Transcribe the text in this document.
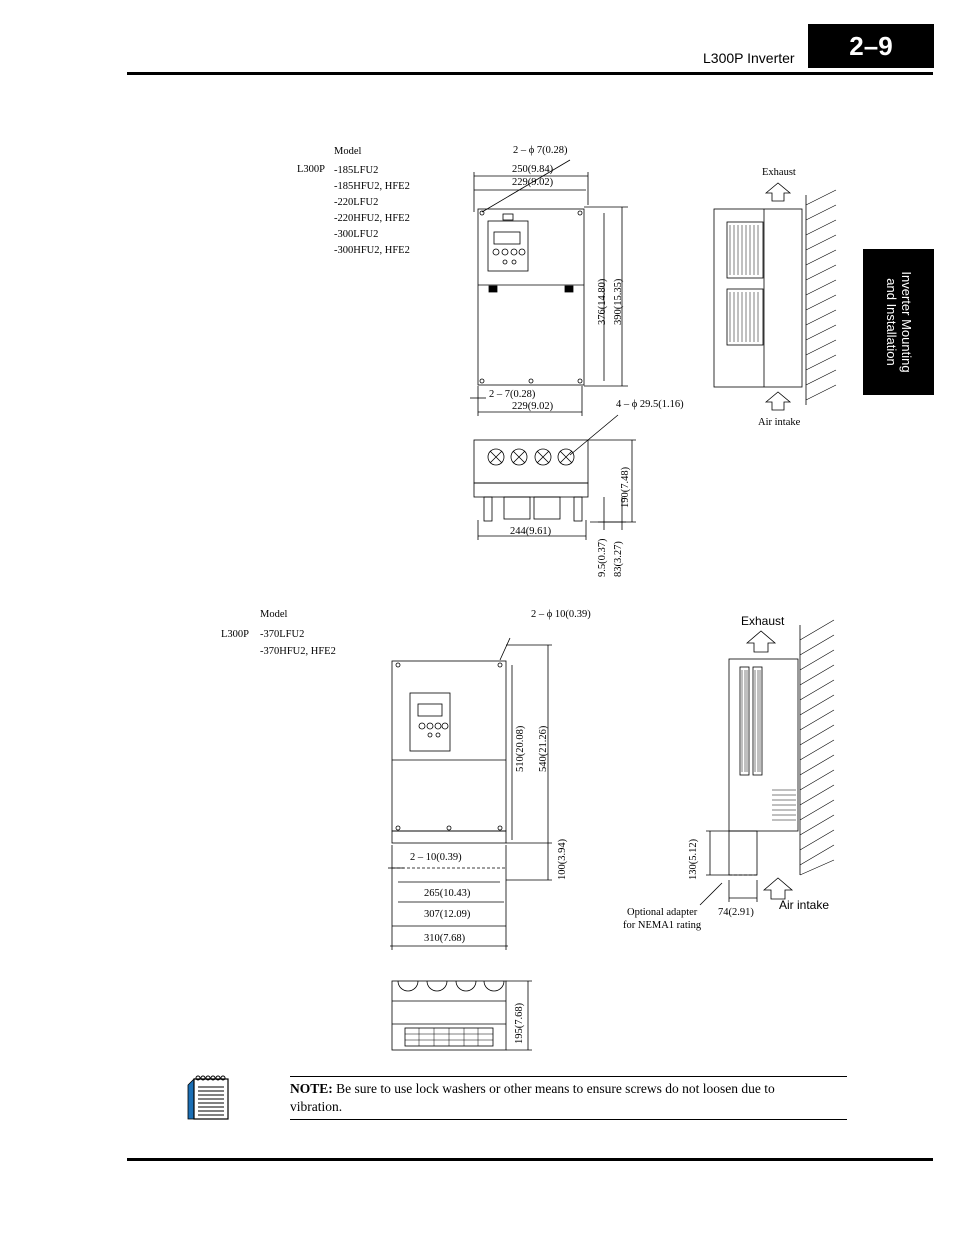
L300P Inverter	2–9
Inverter Mounting
and Installation
Model
L300P -185LFU2
-185HFU2, HFE2
-220LFU2
-220HFU2, HFE2
-300LFU2
-300HFU2, HFE2
2 – ϕ 7(0.28)
250(9.84)
229(9.02)
376(14.80) 390(15.35)
2 – 7(0.28)
229(9.02)	4 – ϕ 29.5(1.16)
190(7.48)
244(9.61)
9.5(0.37) 83(3.27)
Exhaust
Air intake
Model
L300P -370LFU2
-370HFU2, HFE2
2 – ϕ 10(0.39)
510(20.08) 540(21.26)
100(3.94)
2 – 10(0.39)
265(10.43)
307(12.09)
310(7.68)
130(5.12)
74(2.91)
195(7.68)
Exhaust
Air intake
Optional adapter
for NEMA1 rating
NOTE: Be sure to use lock washers or other means to ensure screws do not loosen due to vibration.
